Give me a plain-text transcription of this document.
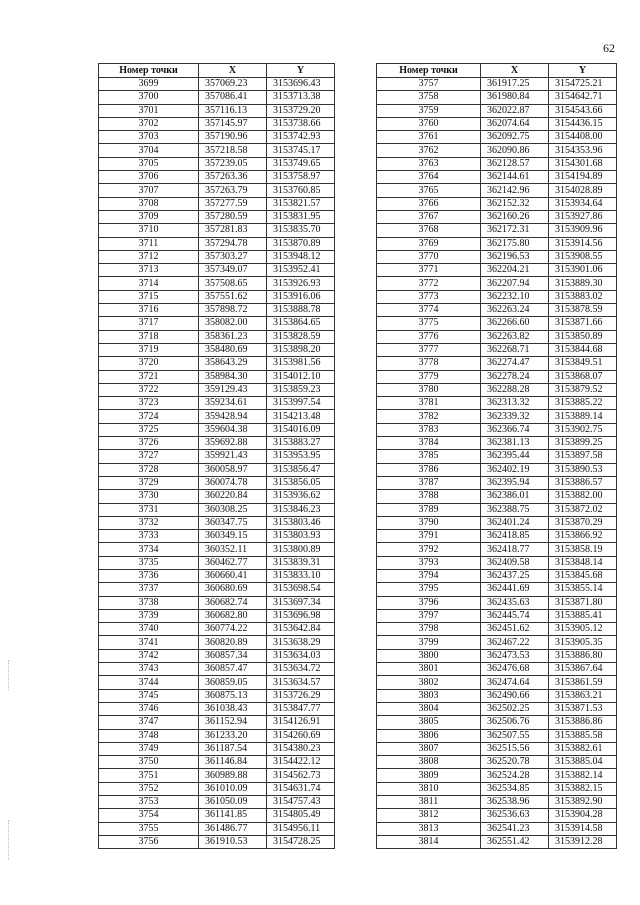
62
Номер точки	X	Y
3699	357069.23	3153696.43
3700	357086.41	3153713.38
3701	357116.13	3153729.20
3702	357145.97	3153738.66
3703	357190.96	3153742.93
3704	357218.58	3153745.17
3705	357239.05	3153749.65
3706	357263.36	3153758.97
3707	357263.79	3153760.85
3708	357277.59	3153821.57
3709	357280.59	3153831.95
3710	357281.83	3153835.70
3711	357294.78	3153870.89
3712	357303.27	3153948.12
3713	357349.07	3153952.41
3714	357508.65	3153926.93
3715	357551.62	3153916.06
3716	357898.72	3153888.78
3717	358082.00	3153864.65
3718	358361.23	3153828.59
3719	358480.69	3153898.20
3720	358643.29	3153981.56
3721	358984.30	3154012.10
3722	359129.43	3153859.23
3723	359234.61	3153997.54
3724	359428.94	3154213.48
3725	359604.38	3154016.09
3726	359692.88	3153883.27
3727	359921.43	3153953.95
3728	360058.97	3153856.47
3729	360074.78	3153856.05
3730	360220.84	3153936.62
3731	360308.25	3153846.23
3732	360347.75	3153803.46
3733	360349.15	3153803.93
3734	360352.11	3153800.89
3735	360462.77	3153839.31
3736	360660.41	3153833.10
3737	360680.69	3153698.54
3738	360682.74	3153697.34
3739	360682.80	3153696.98
3740	360774.22	3153642.84
3741	360820.89	3153638.29
3742	360857.34	3153634.03
3743	360857.47	3153634.72
3744	360859.05	3153634.57
3745	360875.13	3153726.29
3746	361038.43	3153847.77
3747	361152.94	3154126.91
3748	361233.20	3154260.69
3749	361187.54	3154380.23
3750	361146.84	3154422.12
3751	360989.88	3154562.73
3752	361010.09	3154631.74
3753	361050.09	3154757.43
3754	361141.85	3154805.49
3755	361486.77	3154956.11
3756	361910.53	3154728.25
Номер точки	X	Y
3757	361917.25	3154725.21
3758	361980.84	3154642.71
3759	362022.87	3154543.66
3760	362074.64	3154436.15
3761	362092.75	3154408.00
3762	362090.86	3154353.96
3763	362128.57	3154301.68
3764	362144.61	3154194.89
3765	362142.96	3154028.89
3766	362152.32	3153934.64
3767	362160.26	3153927.86
3768	362172.31	3153909.96
3769	362175.80	3153914.56
3770	362196.53	3153908.55
3771	362204.21	3153901.06
3772	362207.94	3153889.30
3773	362232.10	3153883.02
3774	362263.24	3153878.59
3775	362266.60	3153871.66
3776	362263.82	3153850.89
3777	362268.71	3153844.68
3778	362274.47	3153849.51
3779	362278.24	3153868.07
3780	362288.28	3153879.52
3781	362313.32	3153885.22
3782	362339.32	3153889.14
3783	362366.74	3153902.75
3784	362381.13	3153899.25
3785	362395.44	3153897.58
3786	362402.19	3153890.53
3787	362395.94	3153886.57
3788	362386.01	3153882.00
3789	362388.75	3153872.02
3790	362401.24	3153870.29
3791	362418.85	3153866.92
3792	362418.77	3153858.19
3793	362409.58	3153848.14
3794	362437.25	3153845.68
3795	362441.69	3153855.14
3796	362435.63	3153871.80
3797	362445.74	3153885.41
3798	362451.62	3153905.12
3799	362467.22	3153905.35
3800	362473.53	3153886.80
3801	362476.68	3153867.64
3802	362474.64	3153861.59
3803	362490.66	3153863.21
3804	362502.25	3153871.53
3805	362506.76	3153886.86
3806	362507.55	3153885.58
3807	362515.56	3153882.61
3808	362520.78	3153885.04
3809	362524.28	3153882.14
3810	362534.85	3153882.15
3811	362538.96	3153892.90
3812	362536.63	3153904.28
3813	362541.23	3153914.58
3814	362551.42	3153912.28
